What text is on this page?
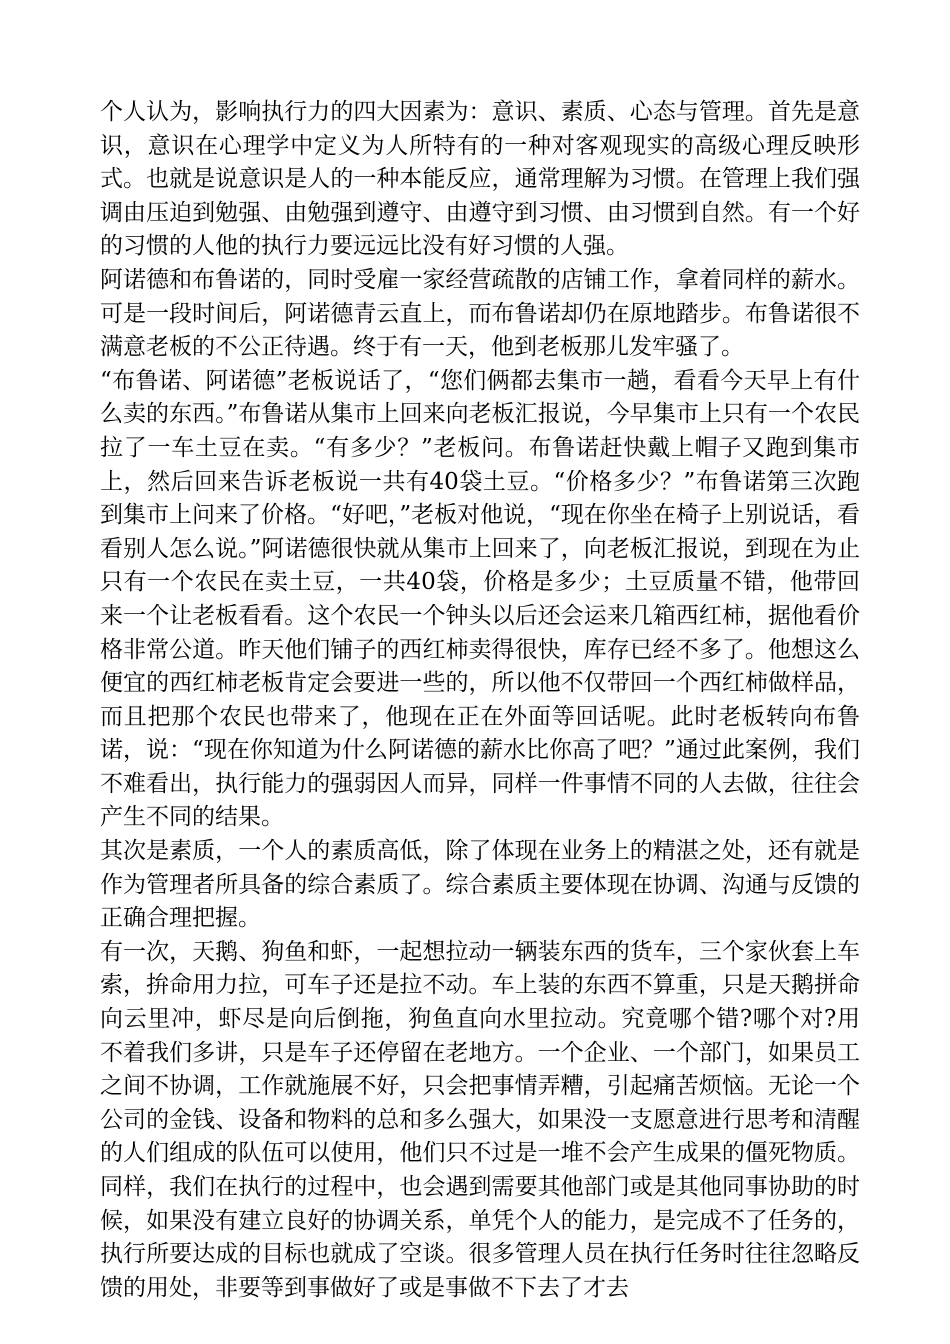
个人认为，影响执行力的四大因素为：意识、素质、心态与管理。首先是意识，意识在心理学中定义为人所特有的一种对客观现实的高级心理反映形式。也就是说意识是人的一种本能反应，通常理解为习惯。在管理上我们强调由压迫到勉强、由勉强到遵守、由遵守到习惯、由习惯到自然。有一个好的习惯的人他的执行力要远远比没有好习惯的人强。

阿诺德和布鲁诺的，同时受雇一家经营疏散的店铺工作，拿着同样的薪水。可是一段时间后，阿诺德青云直上，而布鲁诺却仍在原地踏步。布鲁诺很不满意老板的不公正待遇。终于有一天，他到老板那儿发牢骚了。

“布鲁诺、阿诺德”老板说话了，“您们俩都去集市一趟，看看今天早上有什么卖的东西。”布鲁诺从集市上回来向老板汇报说，今早集市上只有一个农民拉了一车土豆在卖。“有多少？”老板问。布鲁诺赶快戴上帽子又跑到集市上，然后回来告诉老板说一共有40袋土豆。“价格多少？”布鲁诺第三次跑到集市上问来了价格。“好吧，”老板对他说，“现在你坐在椅子上别说话，看看别人怎么说。”阿诺德很快就从集市上回来了，向老板汇报说，到现在为止只有一个农民在卖土豆，一共40袋，价格是多少；土豆质量不错，他带回来一个让老板看看。这个农民一个钟头以后还会运来几箱西红柿，据他看价格非常公道。昨天他们铺子的西红柿卖得很快，库存已经不多了。他想这么便宜的西红柿老板肯定会要进一些的，所以他不仅带回一个西红柿做样品，而且把那个农民也带来了，他现在正在外面等回话呢。此时老板转向布鲁诺，说：“现在你知道为什么阿诺德的薪水比你高了吧？”通过此案例，我们不难看出，执行能力的强弱因人而异，同样一件事情不同的人去做，往往会产生不同的结果。

其次是素质，一个人的素质高低，除了体现在业务上的精湛之处，还有就是作为管理者所具备的综合素质了。综合素质主要体现在协调、沟通与反馈的正确合理把握。

有一次，天鹅、狗鱼和虾，一起想拉动一辆装东西的货车，三个家伙套上车索，拚命用力拉，可车子还是拉不动。车上装的东西不算重，只是天鹅拼命向云里冲，虾尽是向后倒拖，狗鱼直向水里拉动。究竟哪个错?哪个对?用不着我们多讲，只是车子还停留在老地方。一个企业、一个部门，如果员工之间不协调，工作就施展不好，只会把事情弄糟，引起痛苦烦恼。无论一个公司的金钱、设备和物料的总和多么强大，如果没一支愿意进行思考和清醒的人们组成的队伍可以使用，他们只不过是一堆不会产生成果的僵死物质。同样，我们在执行的过程中，也会遇到需要其他部门或是其他同事协助的时候，如果没有建立良好的协调关系，单凭个人的能力，是完成不了任务的，执行所要达成的目标也就成了空谈。很多管理人员在执行任务时往往忽略反馈的用处，非要等到事做好了或是事做不下去了才去
